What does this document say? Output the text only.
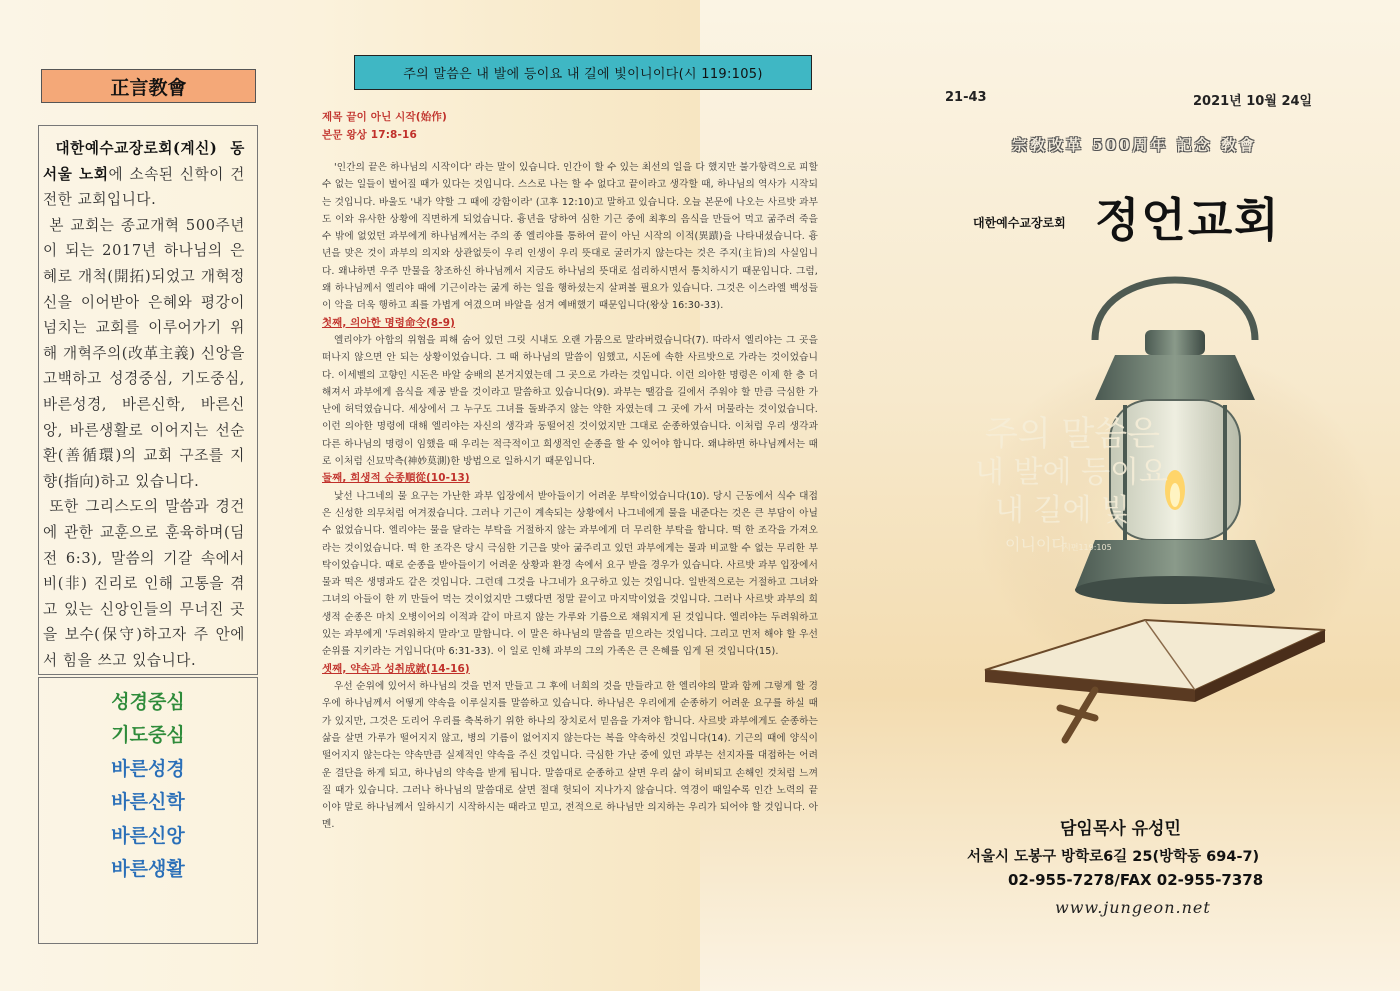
正言教會

대한예수교장로회(계신) 동서울 노회에 소속된 신학이 건전한 교회입니다.

본 교회는 종교개혁 500주년이 되는 2017년 하나님의 은혜로 개척(開拓)되었고 개혁정신을 이어받아 은혜와 평강이 넘치는 교회를 이루어가기 위해 개혁주의(改革主義) 신앙을 고백하고 성경중심, 기도중심, 바른성경, 바른신학, 바른신앙, 바른생활로 이어지는 선순환(善循環)의 교회 구조를 지향(指向)하고 있습니다.

또한 그리스도의 말씀과 경건에 관한 교훈으로 훈육하며(딤전 6:3), 말씀의 기갈 속에서 비(非) 진리로 인해 고통을 겪고 있는 신앙인들의 무너진 곳을 보수(保守)하고자 주 안에서 힘을 쓰고 있습니다.

성경중심
기도중심
바른성경
바른신학
바른신앙
바른생활
주의 말씀은 내 발에 등이요 내 길에 빛이니이다(시 119:105)
제목 끝이 아닌 시작(始作)
본문 왕상 17:8-16

'인간의 끝은 하나님의 시작이다' 라는 말이 있습니다. 인간이 할 수 있는 최선의 일을 다 했지만 불가항력으로 피할 수 없는 일들이 벌어질 때가 있다는 것입니다. 스스로 나는 할 수 없다고 끝이라고 생각할 때, 하나님의 역사가 시작되는 것입니다. 바울도 '내가 약할 그 때에 강함이라' (고후 12:10)고 말하고 있습니다. 오늘 본문에 나오는 사르밧 과부도 이와 유사한 상황에 직면하게 되었습니다. 흉년을 당하여 심한 기근 중에 최후의 음식을 만들어 먹고 굶주려 죽을 수 밖에 없었던 과부에게 하나님께서는 주의 종 엘리야를 통하여 끝이 아닌 시작의 이적(異蹟)을 나타내셨습니다. 흉년을 맞은 것이 과부의 의지와 상관없듯이 우리 인생이 우리 뜻대로 굴러가지 않는다는 것은 주지(主旨)의 사실입니다. 왜냐하면 우주 만물을 창조하신 하나님께서 지금도 하나님의 뜻대로 섭리하시면서 통치하시기 때문입니다. 그럼, 왜 하나님께서 엘리야 때에 기근이라는 굶게 하는 일을 행하셨는지 살펴볼 필요가 있습니다. 그것은 이스라엘 백성들이 악을 더욱 행하고 죄를 가볍게 여겼으며 바알을 섬겨 예배했기 때문입니다(왕상 16:30-33).

첫째, 의아한 명령命令(8-9)

엘리야가 아합의 위협을 피해 숨어 있던 그릿 시내도 오랜 가뭄으로 말라버렸습니다(7). 따라서 엘리야는 그 곳을 떠나지 않으면 안 되는 상황이었습니다. 그 때 하나님의 말씀이 임했고, 시돈에 속한 사르밧으로 가라는 것이었습니다. 이세벨의 고향인 시돈은 바알 숭배의 본거지였는데 그 곳으로 가라는 것입니다. 이런 의아한 명령은 이제 한 층 더해져서 과부에게 음식을 제공 받을 것이라고 말씀하고 있습니다(9). 과부는 땔감을 길에서 주워야 할 만큼 극심한 가난에 허덕였습니다. 세상에서 그 누구도 그녀를 돌봐주지 않는 약한 자였는데 그 곳에 가서 머물라는 것이었습니다. 이런 의아한 명령에 대해 엘리야는 자신의 생각과 동떨어진 것이었지만 그대로 순종하였습니다. 이처럼 우리 생각과 다른 하나님의 명령이 임했을 때 우리는 적극적이고 희생적인 순종을 할 수 있어야 합니다. 왜냐하면 하나님께서는 때로 이처럼 신묘막측(神妙莫測)한 방법으로 일하시기 때문입니다.

둘째, 희생적 순종順從(10-13)

낯선 나그네의 물 요구는 가난한 과부 입장에서 받아들이기 어려운 부탁이었습니다(10). 당시 근동에서 식수 대접은 신성한 의무처럼 여겨졌습니다. 그러나 기근이 계속되는 상황에서 나그네에게 물을 내준다는 것은 큰 부담이 아닐 수 없었습니다. 엘리야는 물을 달라는 부탁을 거절하지 않는 과부에게 더 무리한 부탁을 합니다. 떡 한 조각을 가져오라는 것이었습니다. 떡 한 조각은 당시 극심한 기근을 맞아 굶주리고 있던 과부에게는 물과 비교할 수 없는 무리한 부탁이었습니다. 때로 순종을 받아들이기 어려운 상황과 환경 속에서 요구 받을 경우가 있습니다. 사르밧 과부 입장에서 물과 떡은 생명과도 같은 것입니다. 그런데 그것을 나그네가 요구하고 있는 것입니다. 일반적으로는 거절하고 그녀와 그녀의 아들이 한 끼 만들어 먹는 것이었지만 그랬다면 정말 끝이고 마지막이었을 것입니다. 그러나 사르밧 과부의 희생적 순종은 마치 오병이어의 이적과 같이 마르지 않는 가루와 기름으로 채워지게 된 것입니다. 엘리야는 두려워하고 있는 과부에게 '두려워하지 말라'고 말합니다. 이 말은 하나님의 말씀을 믿으라는 것입니다. 그리고 먼저 해야 할 우선순위를 지키라는 거입니다(마 6:31-33). 이 일로 인해 과부의 그의 가족은 큰 은혜를 입게 된 것입니다(15).

셋째, 약속과 성취成就(14-16)

우선 순위에 있어서 하나님의 것을 먼저 만들고 그 후에 너희의 것을 만들라고 한 엘리야의 말과 함께 그렇게 할 경우에 하나님께서 어떻게 약속을 이루실지를 말씀하고 있습니다. 하나님은 우리에게 순종하기 어려운 요구를 하실 때가 있지만, 그것은 도리어 우리를 축복하기 위한 하나의 장치로서 믿음을 가져야 합니다. 사르밧 과부에게도 순종하는 삶을 살면 가루가 떨어지지 않고, 병의 기름이 없어지지 않는다는 복을 약속하신 것입니다(14). 기근의 때에 양식이 떨어지지 않는다는 약속만큼 실제적인 약속을 주신 것입니다. 극심한 가난 중에 있던 과부는 선지자를 대접하는 어려운 결단을 하게 되고, 하나님의 약속을 받게 됩니다. 말씀대로 순종하고 살면 우리 삶이 허비되고 손해인 것처럼 느껴질 때가 있습니다. 그러나 하나님의 말씀대로 살면 절대 헛되이 지나가지 않습니다. 역경이 때일수록 인간 노력의 끝이야 말로 하나님께서 일하시기 시작하시는 때라고 믿고, 전적으로 하나님만 의지하는 우리가 되어야 할 것입니다. 아멘.

21-43	2021년 10월 24일
宗敎改革 500周年 記念 敎會
대한예수교장로회 정언교회
주의 말씀은
내 발에 등이요
내 길에 빛
이니이다
시편119:105
담임목사 유성민
서울시 도봉구 방학로6길 25(방학동 694-7)
02-955-7278/FAX 02-955-7378
www.jungeon.net
